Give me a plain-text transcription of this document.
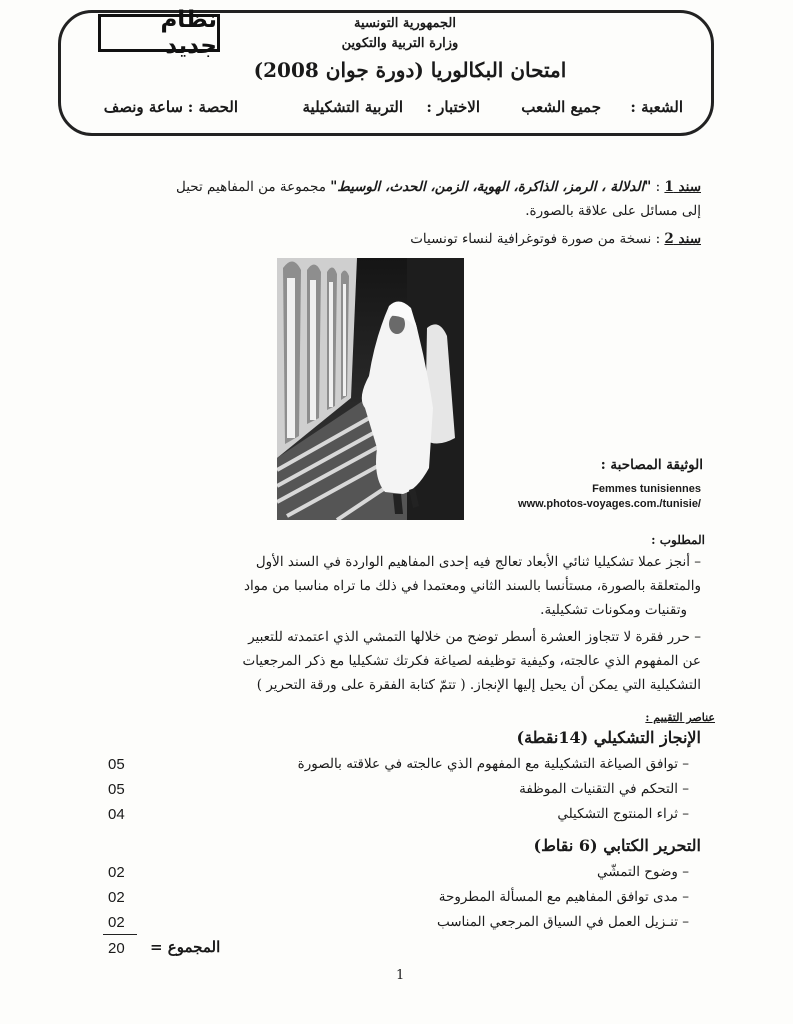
نظام جديد
الجمهورية التونسية
وزارة التربية والتكوين
امتحان البكالوريا (دورة جوان 2008)
الشعبة :
جميع الشعب
الاختبار :
التربية التشكيلية
الحصة :
ساعة ونصف
سند 1 : "الدلالة ، الرمز، الذاكرة، الهوية، الزمن، الحدث، الوسيط" مجموعة من المفاهيم تحيل
إلى مسائل على علاقة بالصورة.
سند 2 : نسخة من صورة فوتوغرافية لنساء تونسيات
الوثيقة المصاحبة :
Femmes tunisiennes
www.photos-voyages.com./tunisie/
المطلوب :
– أنجز عملا تشكيليا ثنائي الأبعاد تعالج فيه إحدى المفاهيم الواردة في السند الأول
والمتعلقة بالصورة، مستأنسا بالسند الثاني ومعتمدا في ذلك ما تراه مناسبا من مواد
وتقنيات ومكونات تشكيلية.
– حرر فقرة لا تتجاوز العشرة أسطر توضح من خلالها التمشي الذي اعتمدته للتعبير
عن المفهوم الذي عالجته، وكيفية توظيفه لصياغة فكرتك تشكيليا مع ذكر المرجعيات
التشكيلية التي يمكن أن يحيل إليها الإنجاز. ( تتمّ كتابة الفقرة على ورقة التحرير )
عناصر التقييم :
الإنجاز التشكيلي (14نقطة)
– توافق الصياغة التشكيلية مع المفهوم الذي عالجته في علاقته بالصورة
05
– التحكم في التقنيات الموظفة
05
– ثراء المنتوج التشكيلي
04
التحرير الكتابي (6 نقاط)
– وضوح التمشّي
02
– مدى توافق المفاهيم مع المسألة المطروحة
02
– تنـزيل العمل في السياق المرجعي المناسب
02
20 المجموع =
1
